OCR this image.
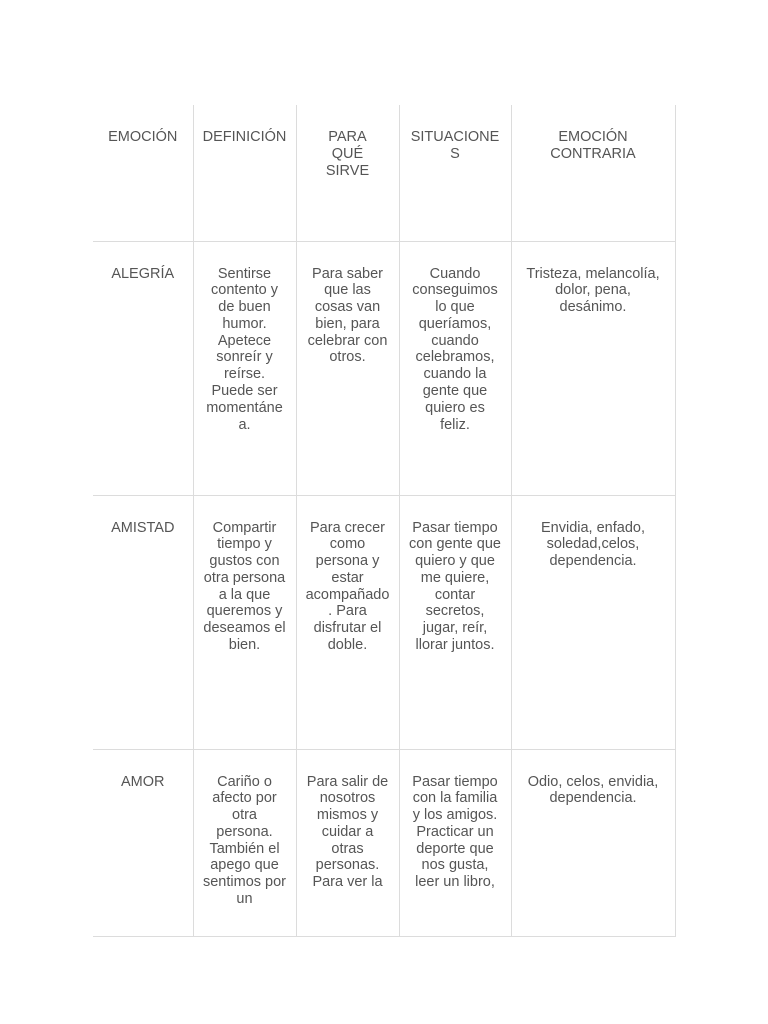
EMOCIÓN	DEFINICIÓN	PARA QUÉ SIRVE	SITUACIONES	EMOCIÓN CONTRARIA
ALEGRÍA	Sentirse contento y de buen humor. Apetece sonreír y reírse. Puede ser momentánea.	Para saber que las cosas van bien, para celebrar con otros.	Cuando conseguimos lo que queríamos, cuando celebramos, cuando la gente que quiero es feliz.	Tristeza, melancolía, dolor, pena, desánimo.
AMISTAD	Compartir tiempo y gustos con otra persona a la que queremos y deseamos el bien.	Para crecer como persona y estar acompañado. Para disfrutar el doble.	Pasar tiempo con gente que quiero y que me quiere, contar secretos, jugar, reír, llorar juntos.	Envidia, enfado, soledad,celos, dependencia.
AMOR	Cariño o afecto por otra persona. También el apego que sentimos por un	Para salir de nosotros mismos y cuidar a otras personas. Para ver la	Pasar tiempo con la familia y los amigos. Practicar un deporte que nos gusta, leer un libro,	Odio, celos, envidia, dependencia.
